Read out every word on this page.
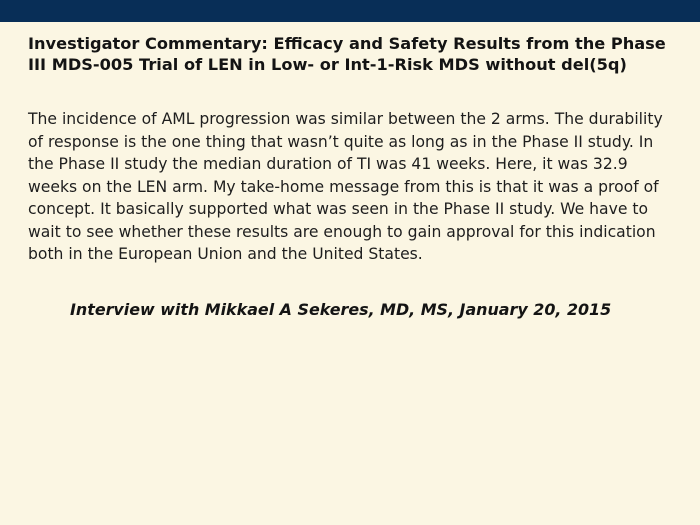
Investigator Commentary: Efficacy and Safety Results from the Phase III MDS-005 Trial of LEN in Low- or Int-1-Risk MDS without del(5q)

The incidence of AML progression was similar between the 2 arms. The durability of response is the one thing that wasn’t quite as long as in the Phase II study. In the Phase II study the median duration of TI was 41 weeks. Here, it was 32.9 weeks on the LEN arm. My take-home message from this is that it was a proof of concept. It basically supported what was seen in the Phase II study. We have to wait to see whether these results are enough to gain approval for this indication both in the European Union and the United States.

Interview with Mikkael A Sekeres, MD, MS, January 20, 2015
